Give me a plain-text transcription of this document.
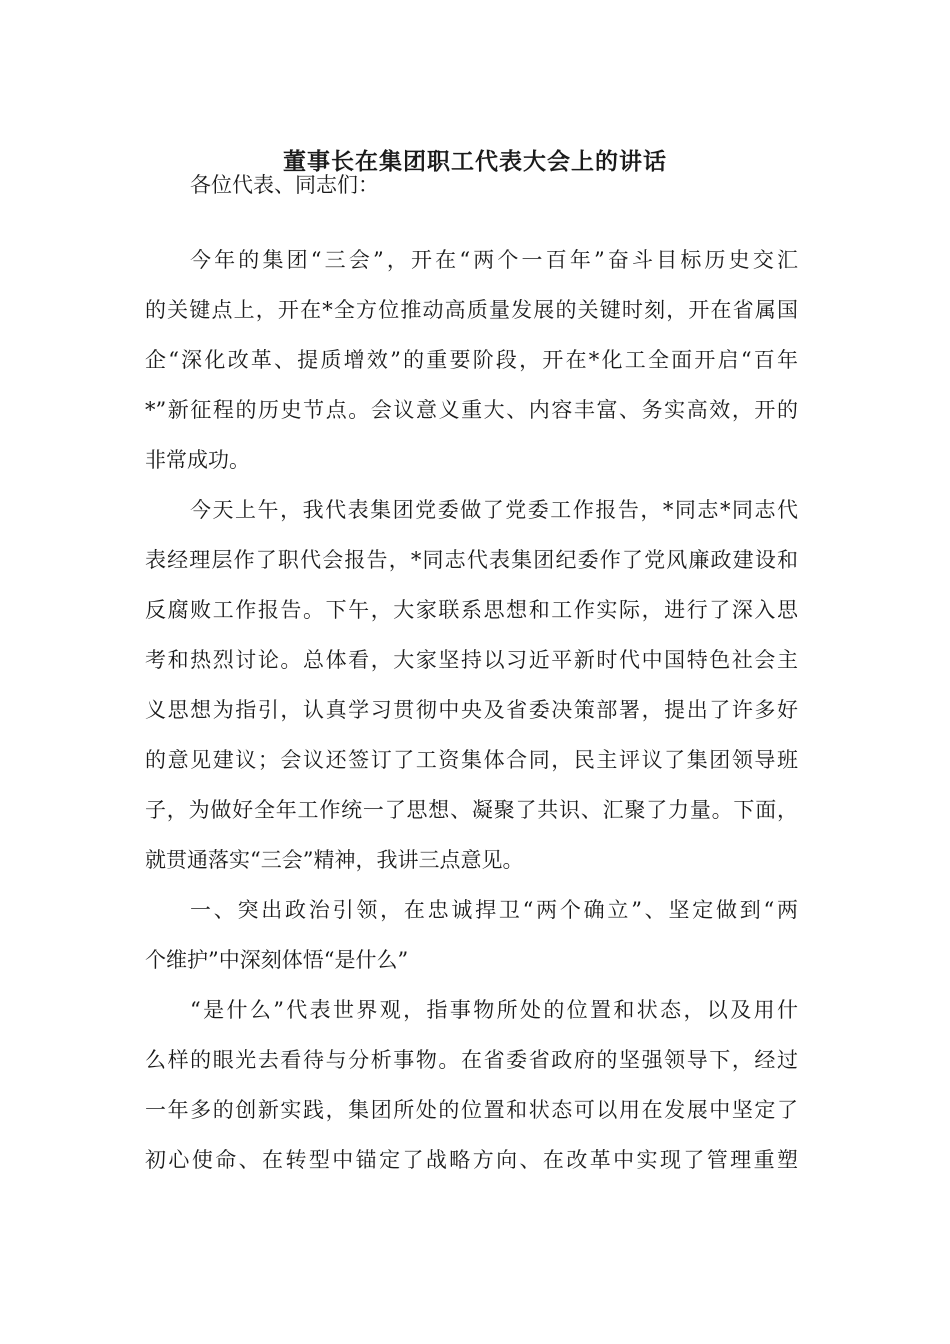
董事长在集团职工代表大会上的讲话
各位代表、同志们：
今年的集团“三会”，开在“两个一百年”奋斗目标历史交汇
的关键点上，开在*全方位推动高质量发展的关键时刻，开在省属国
企“深化改革、提质增效”的重要阶段，开在*化工全面开启“百年
*”新征程的历史节点。会议意义重大、内容丰富、务实高效，开的
非常成功。
今天上午，我代表集团党委做了党委工作报告，*同志*同志代
表经理层作了职代会报告，*同志代表集团纪委作了党风廉政建设和
反腐败工作报告。下午，大家联系思想和工作实际，进行了深入思
考和热烈讨论。总体看，大家坚持以习近平新时代中国特色社会主
义思想为指引，认真学习贯彻中央及省委决策部署，提出了许多好
的意见建议；会议还签订了工资集体合同，民主评议了集团领导班
子，为做好全年工作统一了思想、凝聚了共识、汇聚了力量。下面，
就贯通落实“三会”精神，我讲三点意见。
一、突出政治引领，在忠诚捍卫“两个确立”、坚定做到“两
个维护”中深刻体悟“是什么”
“是什么”代表世界观，指事物所处的位置和状态，以及用什
么样的眼光去看待与分析事物。在省委省政府的坚强领导下，经过
一年多的创新实践，集团所处的位置和状态可以用在发展中坚定了
初心使命、在转型中锚定了战略方向、在改革中实现了管理重塑
